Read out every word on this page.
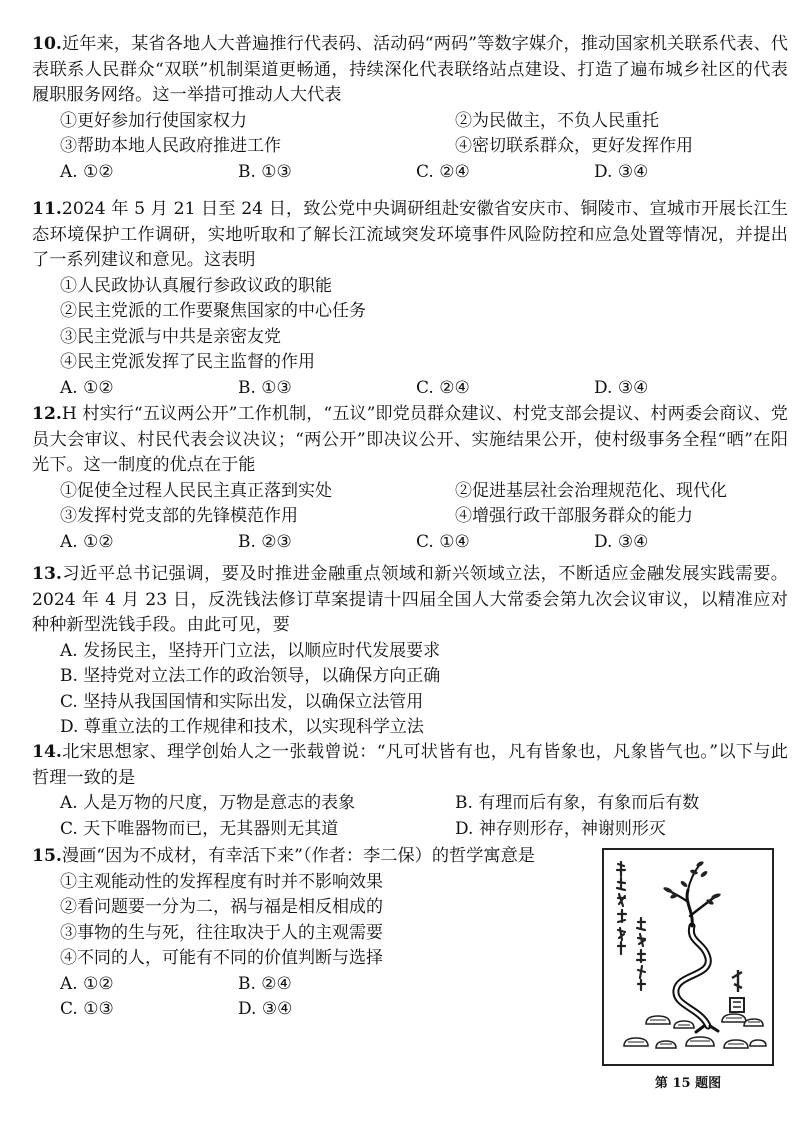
10.近年来，某省各地人大普遍推行代表码、活动码“两码”等数字媒介，推动国家机关联系代表、代表联系人民群众“双联”机制渠道更畅通，持续深化代表联络站点建设、打造了遍布城乡社区的代表履职服务网络。这一举措可推动人大代表

①更好参加行使国家权力	②为民做主，不负人民重托
③帮助本地人民政府推进工作	④密切联系群众，更好发挥作用
A. ①②	B. ①③	C. ②④	D. ③④

11.2024 年 5 月 21 日至 24 日，致公党中央调研组赴安徽省安庆市、铜陵市、宣城市开展长江生态环境保护工作调研，实地听取和了解长江流域突发环境事件风险防控和应急处置等情况，并提出了一系列建议和意见。这表明

①人民政协认真履行参政议政的职能
②民主党派的工作要聚焦国家的中心任务
③民主党派与中共是亲密友党
④民主党派发挥了民主监督的作用
A. ①②	B. ①③	C. ②④	D. ③④

12.H 村实行“五议两公开”工作机制，“五议”即党员群众建议、村党支部会提议、村两委会商议、党员大会审议、村民代表会议决议；“两公开”即决议公开、实施结果公开，使村级事务全程“晒”在阳光下。这一制度的优点在于能

①促使全过程人民民主真正落到实处	②促进基层社会治理规范化、现代化
③发挥村党支部的先锋模范作用	④增强行政干部服务群众的能力
A. ①②	B. ②③	C. ①④	D. ③④

13.习近平总书记强调，要及时推进金融重点领域和新兴领域立法，不断适应金融发展实践需要。2024 年 4 月 23 日，反洗钱法修订草案提请十四届全国人大常委会第九次会议审议，以精准应对种种新型洗钱手段。由此可见，要

A. 发扬民主，坚持开门立法，以顺应时代发展要求
B. 坚持党对立法工作的政治领导，以确保方向正确
C. 坚持从我国国情和实际出发，以确保立法管用
D. 尊重立法的工作规律和技术，以实现科学立法

14.北宋思想家、理学创始人之一张载曾说：“凡可状皆有也，凡有皆象也，凡象皆气也。”以下与此哲理一致的是

A. 人是万物的尺度，万物是意志的表象	B. 有理而后有象，有象而后有数
C. 天下唯器物而已，无其器则无其道	D. 神存则形存，神谢则形灭

15.漫画“因为不成材，有幸活下来”（作者：李二保）的哲学寓意是

①主观能动性的发挥程度有时并不影响效果
②看问题要一分为二，祸与福是相反相成的
③事物的生与死，往往取决于人的主观需要
④不同的人，可能有不同的价值判断与选择
A. ①②	B. ②④
C. ①③	D. ③④
第 15 题图
